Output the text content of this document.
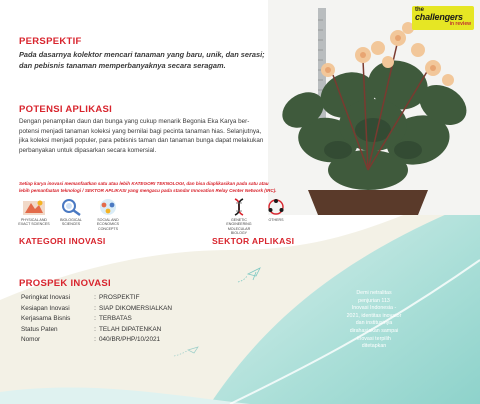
the
challengers
in review
PERSPEKTIF
Pada dasarnya kolektor mencari tanaman yang baru, unik, dan serasi;
dan pebisnis tanaman memperbanyaknya secara seragam.
POTENSI APLIKASI
Dengan penampilan daun dan bunga yang cukup menarik Begonia Eka Karya ber-
potensi menjadi tanaman koleksi yang bernilai bagi pecinta tanaman hias. Selanjutnya,
jika koleksi menjadi populer, para pebisnis taman dan tanaman bunga dapat melakukan
perbanyakan untuk dipasarkan secara komersial.
Setiap karya inovasi memanfaatkan satu atau lebih KATEGORI TEKNOLOGI, dan bisa diaplikasikan pada satu atau
lebih pemanfaatan teknologi / SEKTOR APLIKASI yang mengacu pada standar Innovation Relay Center Network (IRC).
PHYSICAL AND EXACT SCIENCES
BIOLOGICAL SCIENCES
SOCIAL AND ECONOMICS CONCEPTS
GENETIC ENGINEERING MOLECULAR BIOLOGY
OTHERS
KATEGORI INOVASI	SEKTOR APLIKASI
PROSPEK INOVASI
Peringkat Inovasi	:	PROSPEKTIF
Kesiapan Inovasi	:	SIAP DIKOMERSIALKAN
Kerjasama Bisnis	:	TERBATAS
Status Paten	:	TELAH DIPATENKAN
Nomor	:	040/BR/PHP/10/2021
Demi netralitas
penjurian 113
Inovasi Indonesia -
2021, identitas inovator
dan institusinya
dirahasiakan sampai
inovasi terpilih
ditetapkan
